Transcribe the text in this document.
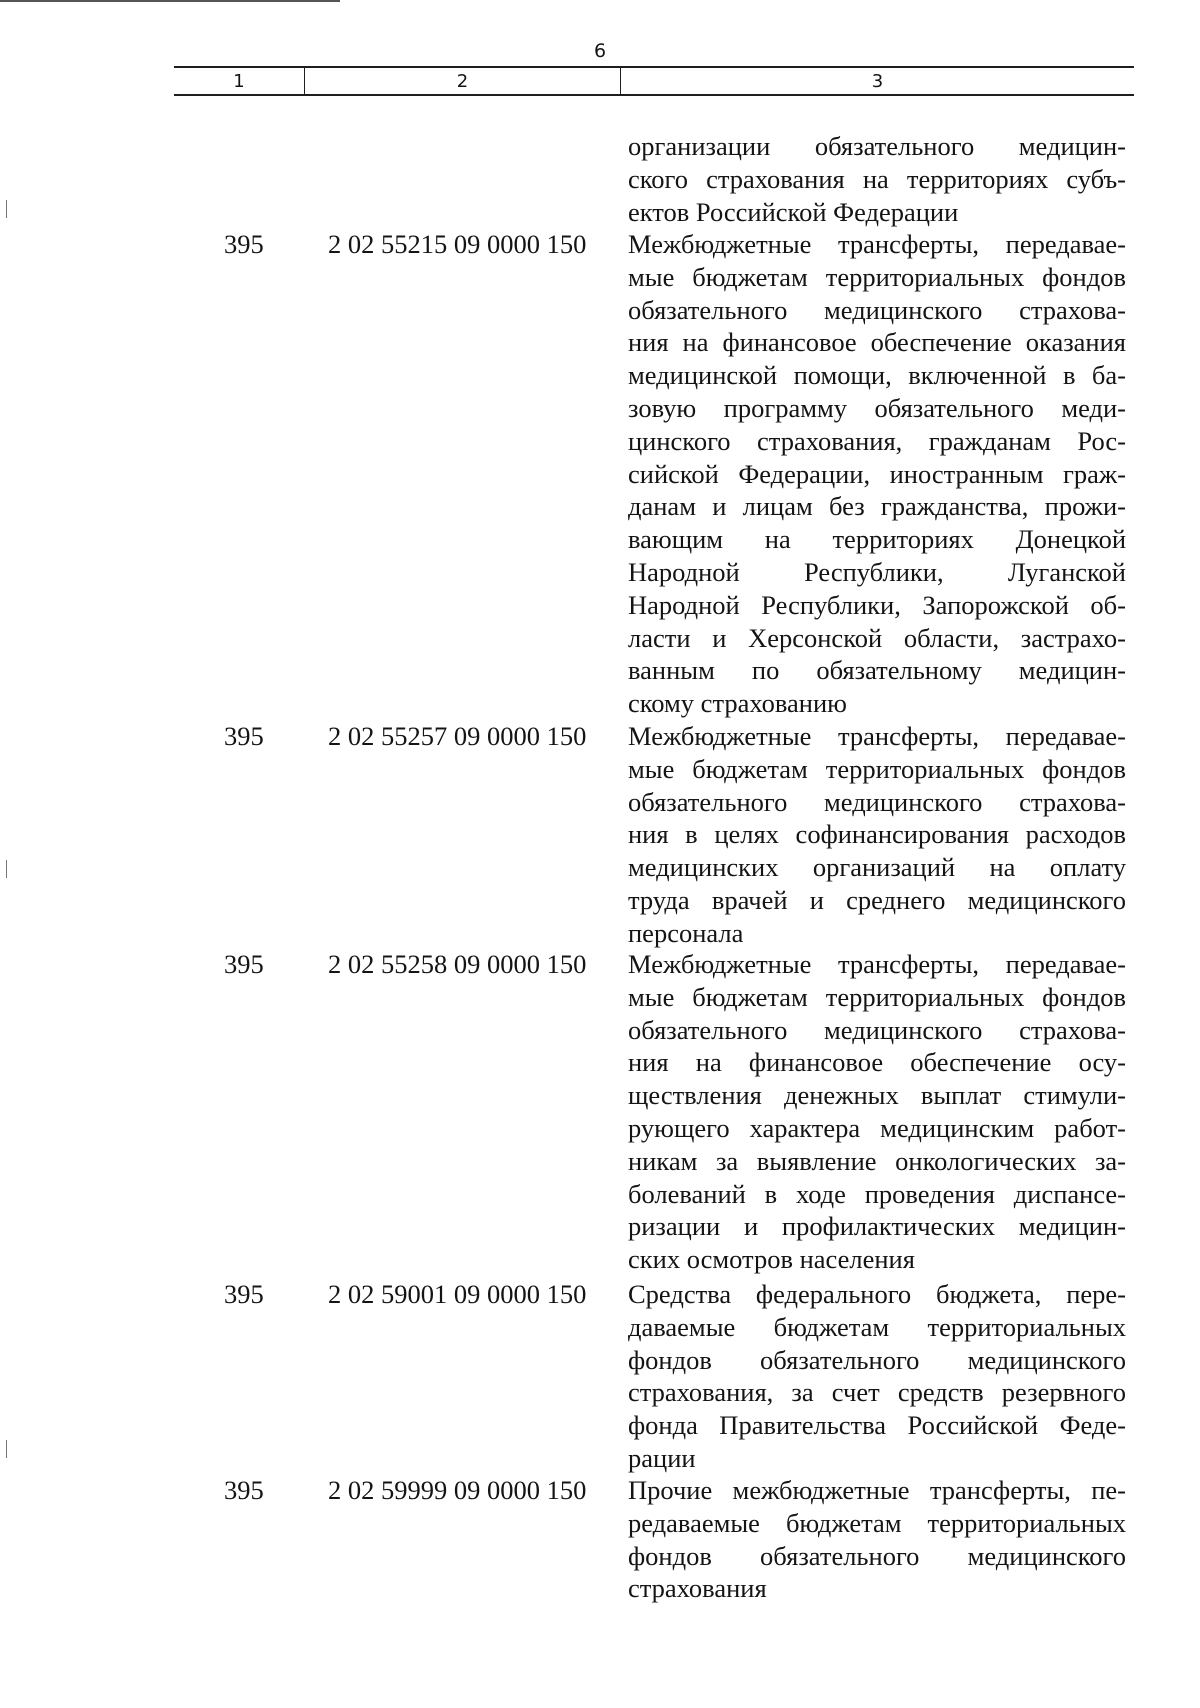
6
1	2	3
организации обязательного медицин-
ского страхования на территориях субъ-
ектов Российской Федерации
395 2 02 55215 09 0000 150	Межбюджетные трансферты, передавае-
мые бюджетам территориальных фондов
обязательного медицинского страхова-
ния на финансовое обеспечение оказания
медицинской помощи, включенной в ба-
зовую программу обязательного меди-
цинского страхования, гражданам Рос-
сийской Федерации, иностранным граж-
данам и лицам без гражданства, прожи-
вающим на территориях Донецкой
Народной Республики, Луганской
Народной Республики, Запорожской об-
ласти и Херсонской области, застрахо-
ванным по обязательному медицин-
скому страхованию
395 2 02 55257 09 0000 150	Межбюджетные трансферты, передавае-
мые бюджетам территориальных фондов
обязательного медицинского страхова-
ния в целях софинансирования расходов
медицинских организаций на оплату
труда врачей и среднего медицинского
персонала
395 2 02 55258 09 0000 150	Межбюджетные трансферты, передавае-
мые бюджетам территориальных фондов
обязательного медицинского страхова-
ния на финансовое обеспечение осу-
ществления денежных выплат стимули-
рующего характера медицинским работ-
никам за выявление онкологических за-
болеваний в ходе проведения диспансе-
ризации и профилактических медицин-
ских осмотров населения
395 2 02 59001 09 0000 150	Средства федерального бюджета, пере-
даваемые бюджетам территориальных
фондов обязательного медицинского
страхования, за счет средств резервного
фонда Правительства Российской Феде-
рации
395 2 02 59999 09 0000 150	Прочие межбюджетные трансферты, пе-
редаваемые бюджетам территориальных
фондов обязательного медицинского
страхования
